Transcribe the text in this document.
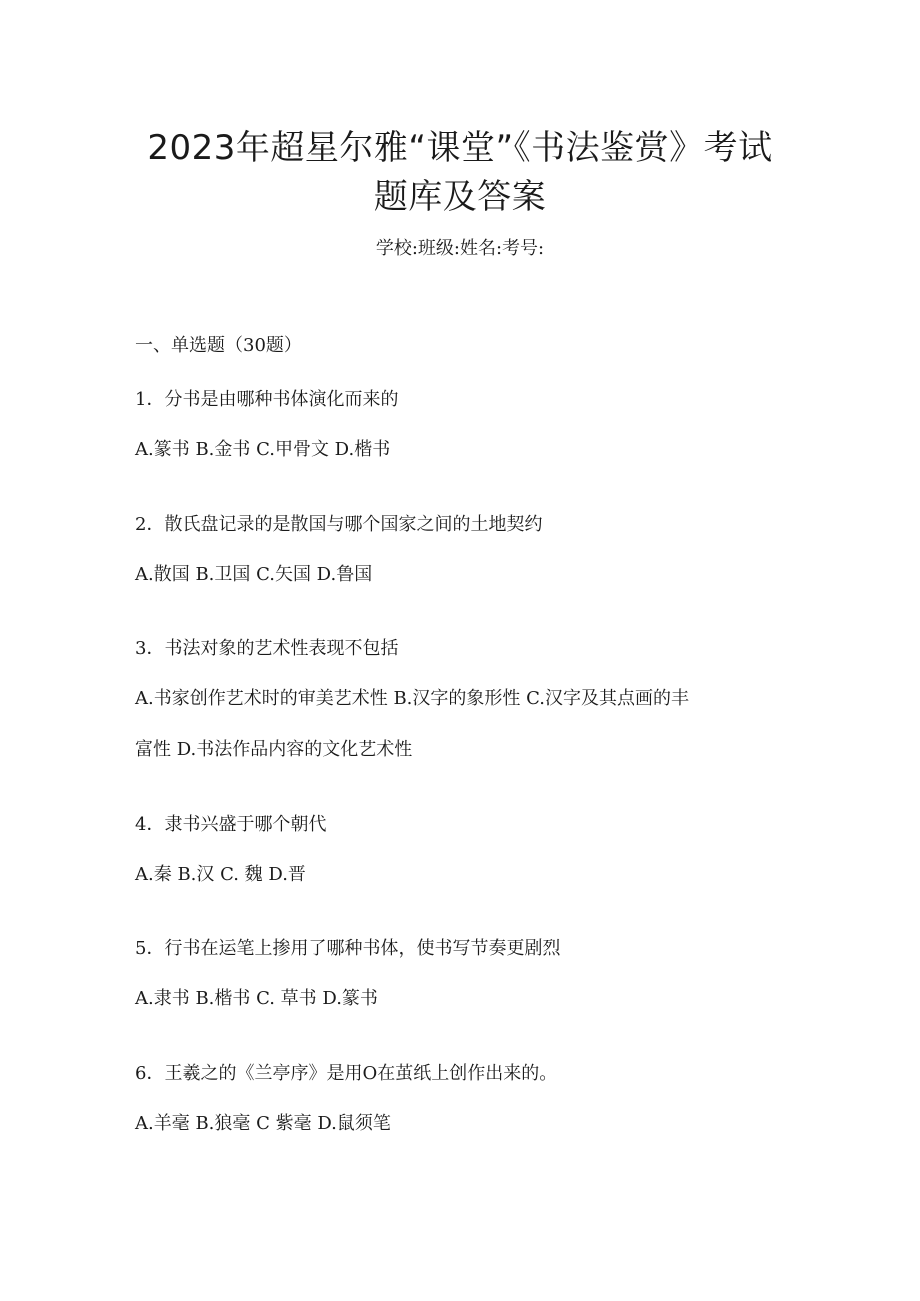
2023年超星尔雅“课堂”《书法鉴赏》考试
题库及答案
学校:班级:姓名:考号:
一、单选题（30题）
1．分书是由哪种书体演化而来的
A.篆书 B.金书 C.甲骨文 D.楷书
2．散氏盘记录的是散国与哪个国家之间的土地契约
A.散国 B.卫国 C.矢国 D.鲁国
3．书法对象的艺术性表现不包括
A.书家创作艺术时的审美艺术性 B.汉字的象形性 C.汉字及其点画的丰
富性 D.书法作品内容的文化艺术性
4．隶书兴盛于哪个朝代
A.秦 B.汉 C. 魏 D.晋
5．行书在运笔上掺用了哪种书体，使书写节奏更剧烈
A.隶书 B.楷书 C. 草书 D.篆书
6．王羲之的《兰亭序》是用O在茧纸上创作出来的。
A.羊毫 B.狼毫 C 紫毫 D.鼠须笔
